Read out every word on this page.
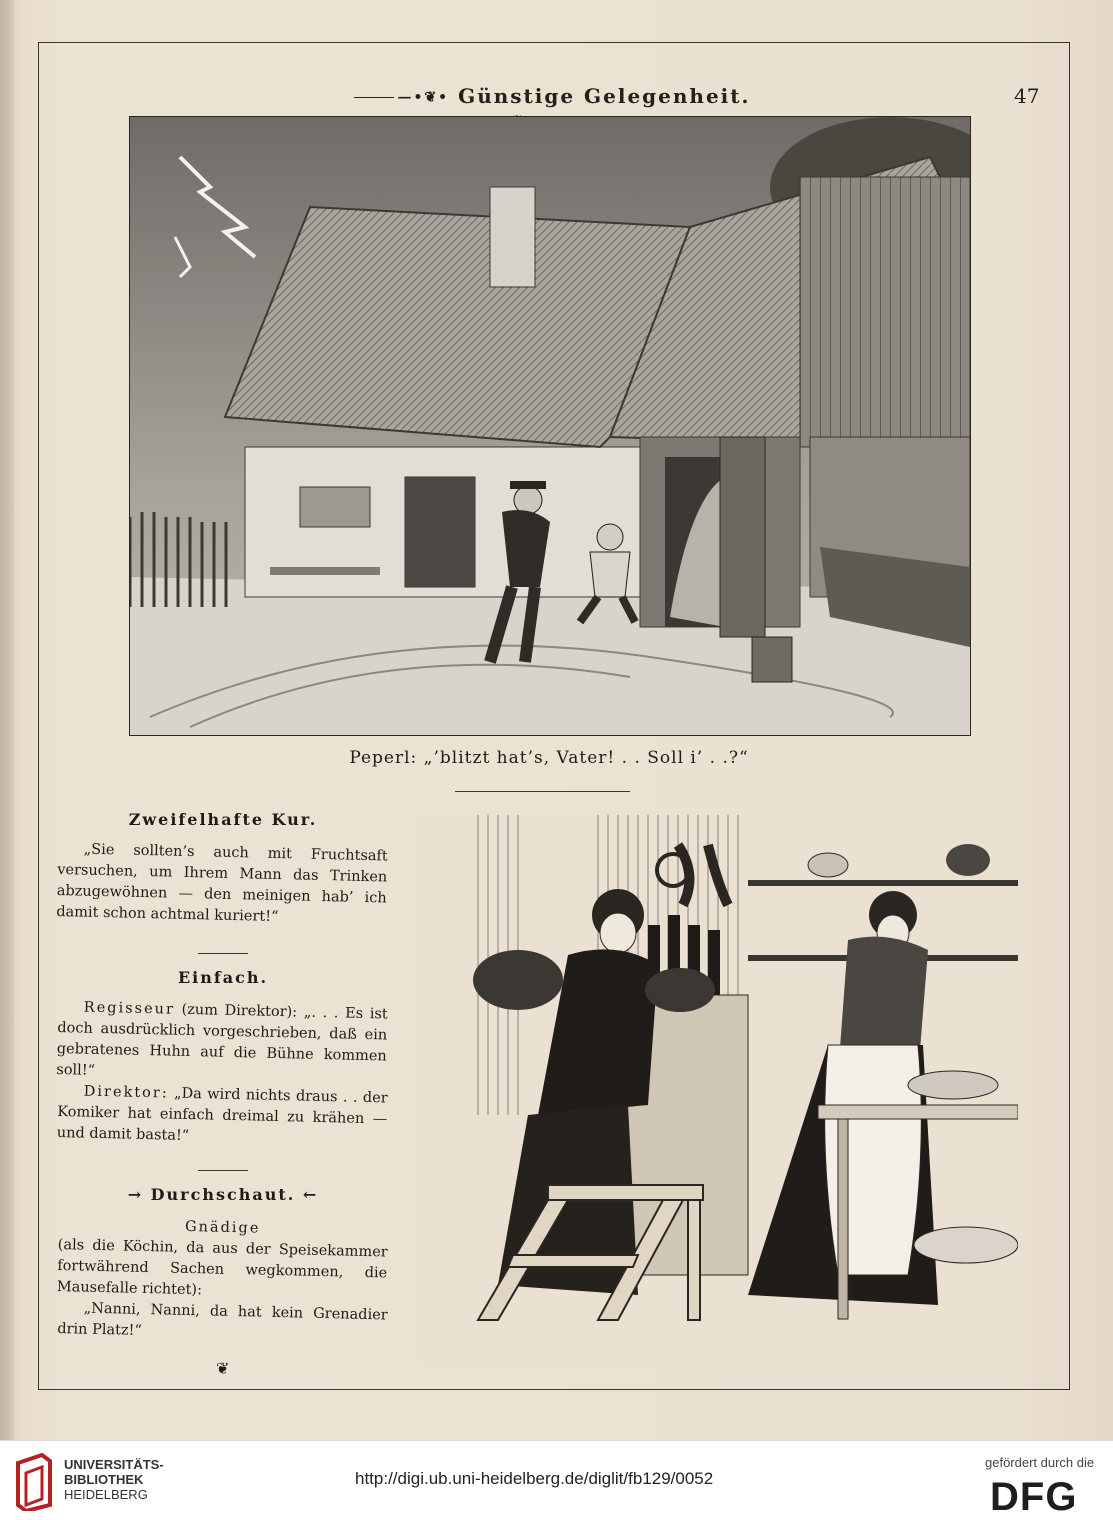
—•❦• Günstige Gelegenheit.	47
Peperl: „’blitzt hat’s, Vater! . . Soll i’ . .?“
Zweifelhafte Kur.

„Sie sollten’s auch mit Fruchtsaft versuchen, um Ihrem Mann das Trinken abzugewöhnen — den meinigen hab’ ich damit schon achtmal kuriert!“

Einfach.

Regisseur (zum Direktor): „. . . Es ist doch ausdrücklich vorgeschrieben, daß ein gebratenes Huhn auf die Bühne kommen soll!“

Direktor: „Da wird nichts draus . . der Komiker hat einfach dreimal zu krähen — und damit basta!“

→ Durchschaut. ←

Gnädige

(als die Köchin, da aus der Speisekammer fortwährend Sachen wegkommen, die Mausefalle richtet):

„Nanni, Nanni, da hat kein Grenadier drin Platz!“

❦

UNIVERSITÄTS-
BIBLIOTHEK
HEIDELBERG
http://digi.ub.uni-heidelberg.de/diglit/fb129/0052
gefördert durch die
DFG
